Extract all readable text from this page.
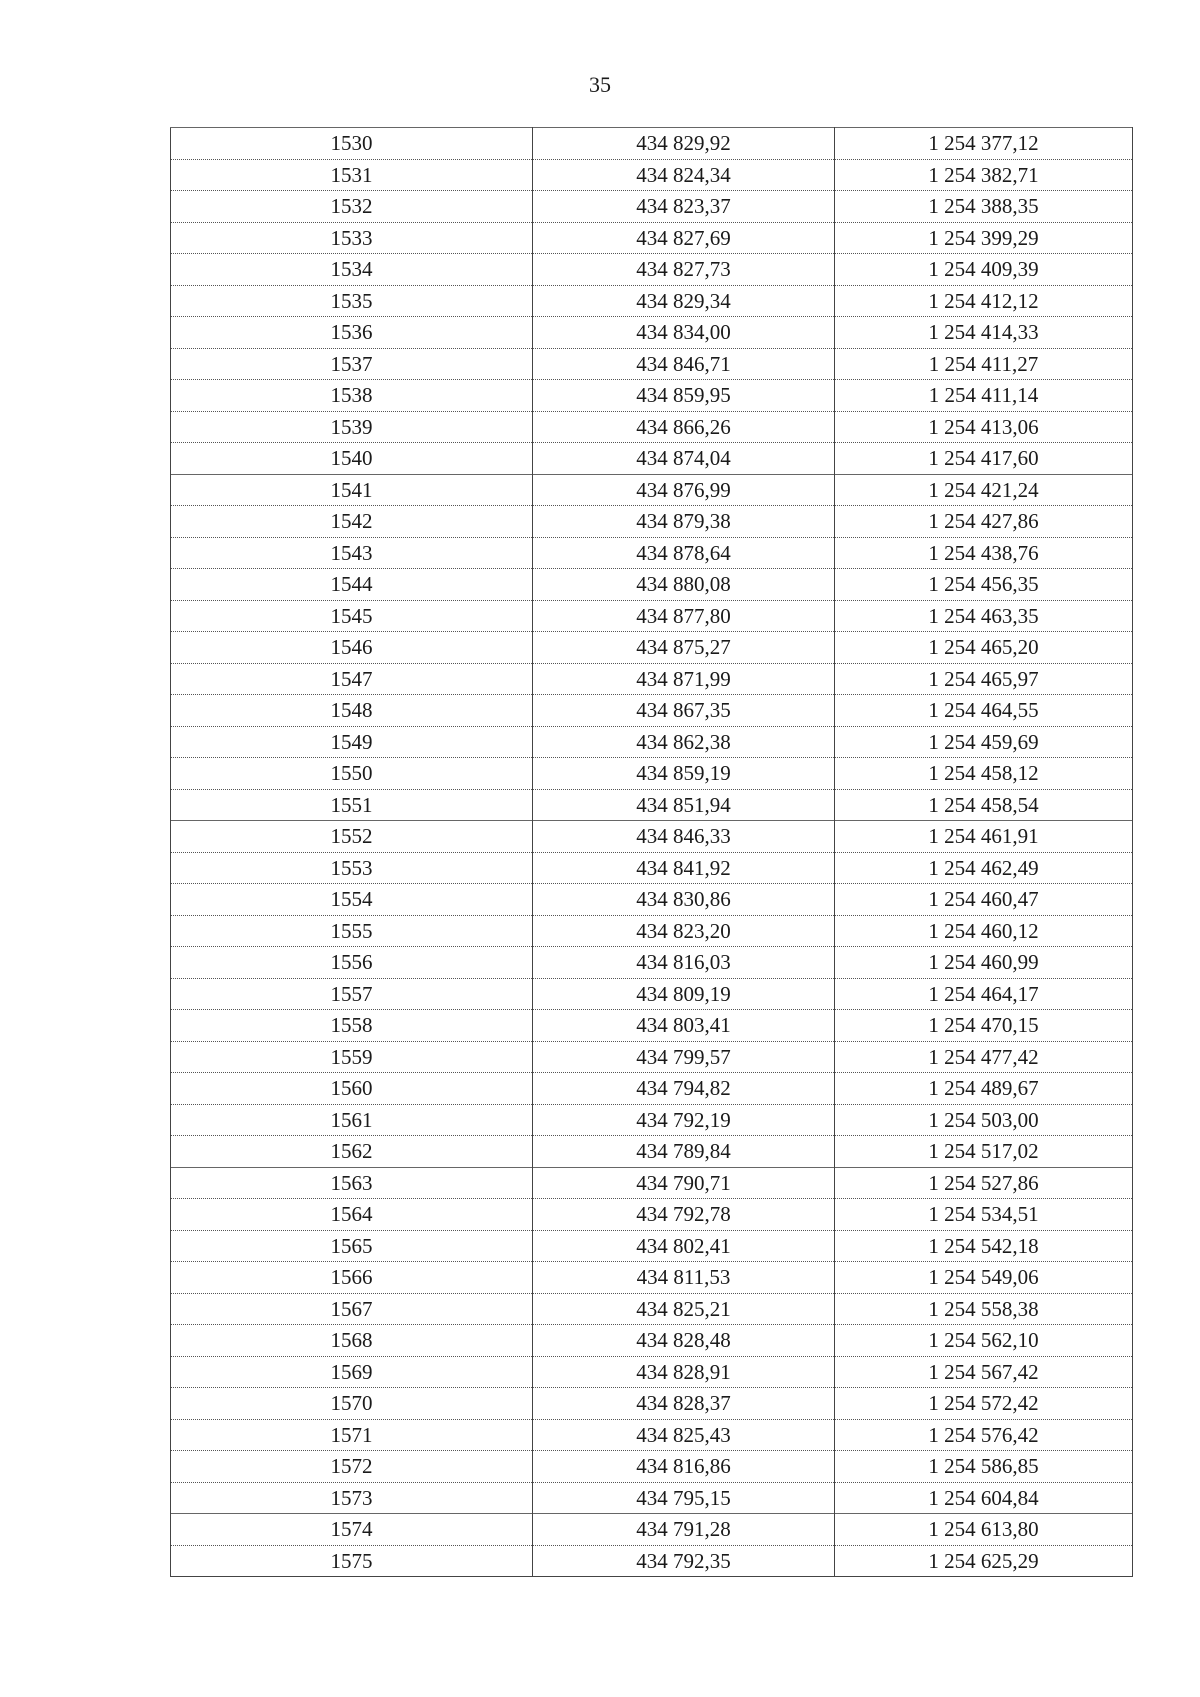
35
1530	434 829,92	1 254 377,12
1531	434 824,34	1 254 382,71
1532	434 823,37	1 254 388,35
1533	434 827,69	1 254 399,29
1534	434 827,73	1 254 409,39
1535	434 829,34	1 254 412,12
1536	434 834,00	1 254 414,33
1537	434 846,71	1 254 411,27
1538	434 859,95	1 254 411,14
1539	434 866,26	1 254 413,06
1540	434 874,04	1 254 417,60
1541	434 876,99	1 254 421,24
1542	434 879,38	1 254 427,86
1543	434 878,64	1 254 438,76
1544	434 880,08	1 254 456,35
1545	434 877,80	1 254 463,35
1546	434 875,27	1 254 465,20
1547	434 871,99	1 254 465,97
1548	434 867,35	1 254 464,55
1549	434 862,38	1 254 459,69
1550	434 859,19	1 254 458,12
1551	434 851,94	1 254 458,54
1552	434 846,33	1 254 461,91
1553	434 841,92	1 254 462,49
1554	434 830,86	1 254 460,47
1555	434 823,20	1 254 460,12
1556	434 816,03	1 254 460,99
1557	434 809,19	1 254 464,17
1558	434 803,41	1 254 470,15
1559	434 799,57	1 254 477,42
1560	434 794,82	1 254 489,67
1561	434 792,19	1 254 503,00
1562	434 789,84	1 254 517,02
1563	434 790,71	1 254 527,86
1564	434 792,78	1 254 534,51
1565	434 802,41	1 254 542,18
1566	434 811,53	1 254 549,06
1567	434 825,21	1 254 558,38
1568	434 828,48	1 254 562,10
1569	434 828,91	1 254 567,42
1570	434 828,37	1 254 572,42
1571	434 825,43	1 254 576,42
1572	434 816,86	1 254 586,85
1573	434 795,15	1 254 604,84
1574	434 791,28	1 254 613,80
1575	434 792,35	1 254 625,29
